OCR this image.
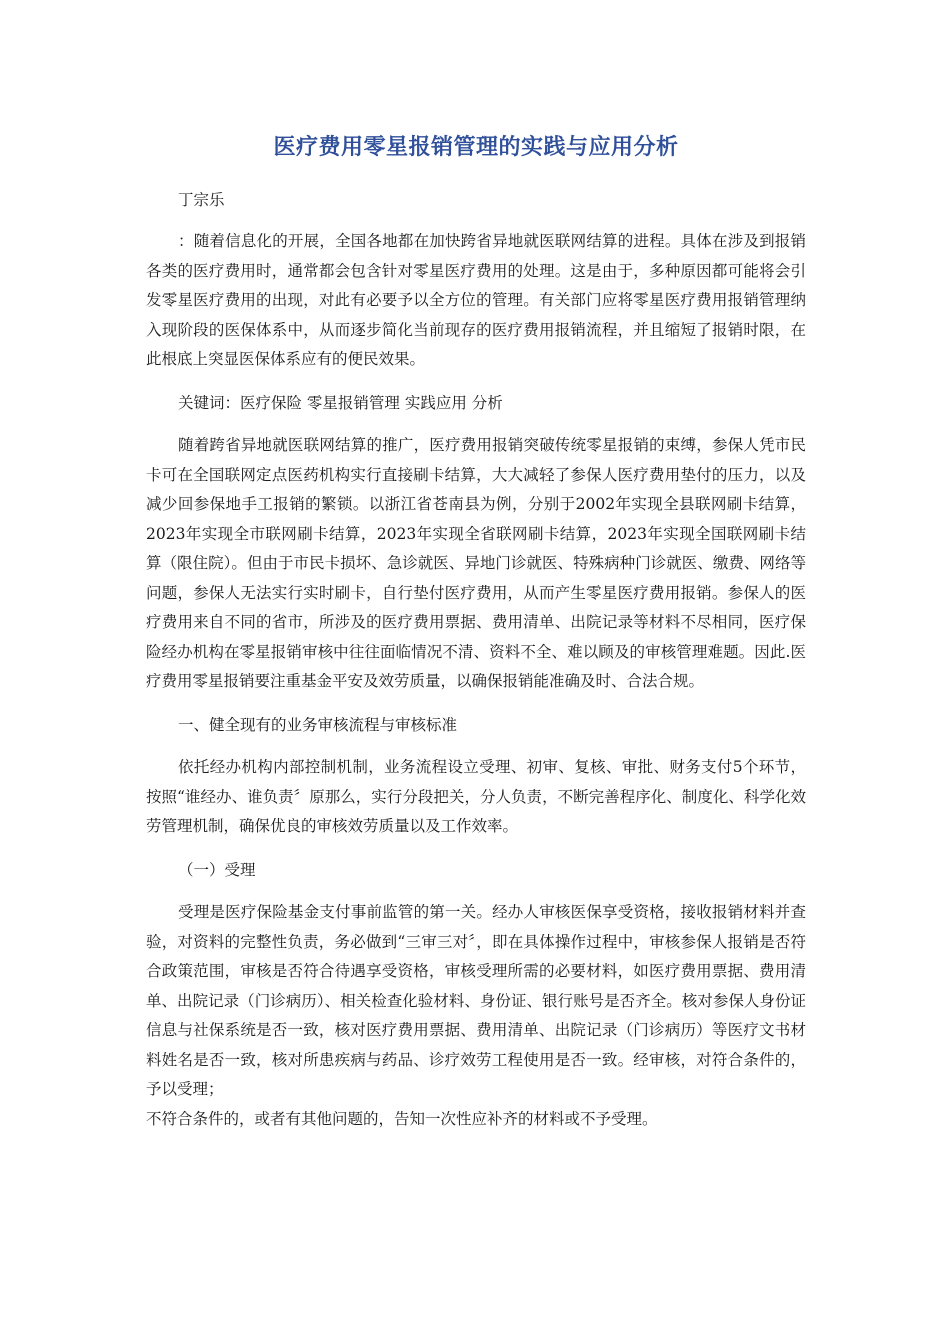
医疗费用零星报销管理的实践与应用分析

丁宗乐

：随着信息化的开展，全国各地都在加快跨省异地就医联网结算的进程。具体在涉及到报销各类的医疗费用时，通常都会包含针对零星医疗费用的处理。这是由于，多种原因都可能将会引发零星医疗费用的出现，对此有必要予以全方位的管理。有关部门应将零星医疗费用报销管理纳入现阶段的医保体系中，从而逐步简化当前现存的医疗费用报销流程，并且缩短了报销时限，在此根底上突显医保体系应有的便民效果。

关键词：医疗保险 零星报销管理 实践应用 分析

随着跨省异地就医联网结算的推广，医疗费用报销突破传统零星报销的束缚，参保人凭市民卡可在全国联网定点医药机构实行直接刷卡结算，大大减轻了参保人医疗费用垫付的压力，以及减少回参保地手工报销的繁锁。以浙江省苍南县为例，分别于2002年实现全县联网刷卡结算，2023年实现全市联网刷卡结算，2023年实现全省联网刷卡结算，2023年实现全国联网刷卡结算（限住院）。但由于市民卡损坏、急诊就医、异地门诊就医、特殊病种门诊就医、缴费、网络等问题，参保人无法实行实时刷卡，自行垫付医疗费用，从而产生零星医疗费用报销。参保人的医疗费用来自不同的省市，所涉及的医疗费用票据、费用清单、出院记录等材料不尽相同，医疗保险经办机构在零星报销审核中往往面临情况不清、资料不全、难以顾及的审核管理难题。因此.医疗费用零星报销要注重基金平安及效劳质量，以确保报销能准确及时、合法合规。

一、健全现有的业务审核流程与审核标准

依托经办机构内部控制机制，业务流程设立受理、初审、复核、审批、财务支付5个环节，按照“谁经办、谁负责〞原那么，实行分段把关，分人负责，不断完善程序化、制度化、科学化效劳管理机制，确保优良的审核效劳质量以及工作效率。

（一）受理

受理是医疗保险基金支付事前监管的第一关。经办人审核医保享受资格，接收报销材料并查验，对资料的完整性负责，务必做到“三审三对〞，即在具体操作过程中，审核参保人报销是否符合政策范围，审核是否符合待遇享受资格，审核受理所需的必要材料，如医疗费用票据、费用清单、出院记录（门诊病历）、相关检查化验材料、身份证、银行账号是否齐全。核对参保人身份证信息与社保系统是否一致，核对医疗费用票据、费用清单、出院记录（门诊病历）等医疗文书材料姓名是否一致，核对所患疾病与药品、诊疗效劳工程使用是否一致。经审核，对符合条件的，予以受理；

不符合条件的，或者有其他问题的，告知一次性应补齐的材料或不予受理。
